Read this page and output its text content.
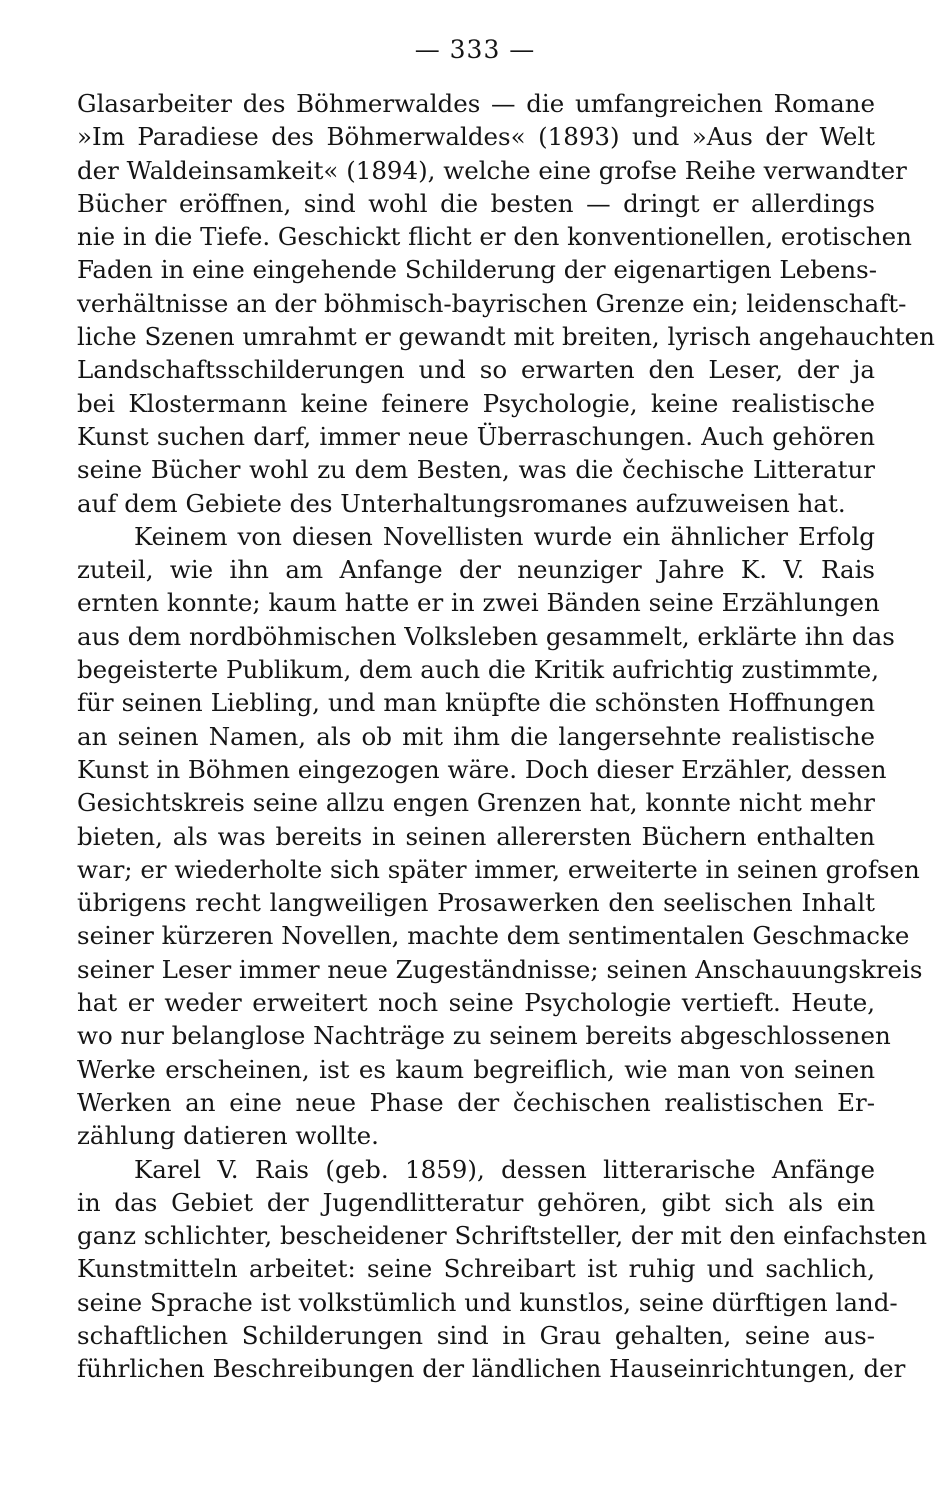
— 333 —
Glasarbeiter des Böhmerwaldes — die umfangreichen Romane
»Im Paradiese des Böhmerwaldes« (1893) und »Aus der Welt
der Waldeinsamkeit« (1894), welche eine grofse Reihe verwandter
Bücher eröffnen, sind wohl die besten — dringt er allerdings
nie in die Tiefe. Geschickt flicht er den konventionellen, erotischen
Faden in eine eingehende Schilderung der eigenartigen Lebens-
verhältnisse an der böhmisch-bayrischen Grenze ein; leidenschaft-
liche Szenen umrahmt er gewandt mit breiten, lyrisch angehauchten
Landschaftsschilderungen und so erwarten den Leser, der ja
bei Klostermann keine feinere Psychologie, keine realistische
Kunst suchen darf, immer neue Überraschungen. Auch gehören
seine Bücher wohl zu dem Besten, was die čechische Litteratur
auf dem Gebiete des Unterhaltungsromanes aufzuweisen hat.
Keinem von diesen Novellisten wurde ein ähnlicher Erfolg
zuteil, wie ihn am Anfange der neunziger Jahre K. V. Rais
ernten konnte; kaum hatte er in zwei Bänden seine Erzählungen
aus dem nordböhmischen Volksleben gesammelt, erklärte ihn das
begeisterte Publikum, dem auch die Kritik aufrichtig zustimmte,
für seinen Liebling, und man knüpfte die schönsten Hoffnungen
an seinen Namen, als ob mit ihm die langersehnte realistische
Kunst in Böhmen eingezogen wäre. Doch dieser Erzähler, dessen
Gesichtskreis seine allzu engen Grenzen hat, konnte nicht mehr
bieten, als was bereits in seinen allerersten Büchern enthalten
war; er wiederholte sich später immer, erweiterte in seinen grofsen
übrigens recht langweiligen Prosawerken den seelischen Inhalt
seiner kürzeren Novellen, machte dem sentimentalen Geschmacke
seiner Leser immer neue Zugeständnisse; seinen Anschauungskreis
hat er weder erweitert noch seine Psychologie vertieft. Heute,
wo nur belanglose Nachträge zu seinem bereits abgeschlossenen
Werke erscheinen, ist es kaum begreiflich, wie man von seinen
Werken an eine neue Phase der čechischen realistischen Er-
zählung datieren wollte.
Karel V. Rais (geb. 1859), dessen litterarische Anfänge
in das Gebiet der Jugendlitteratur gehören, gibt sich als ein
ganz schlichter, bescheidener Schriftsteller, der mit den einfachsten
Kunstmitteln arbeitet: seine Schreibart ist ruhig und sachlich,
seine Sprache ist volkstümlich und kunstlos, seine dürftigen land-
schaftlichen Schilderungen sind in Grau gehalten, seine aus-
führlichen Beschreibungen der ländlichen Hauseinrichtungen, der
